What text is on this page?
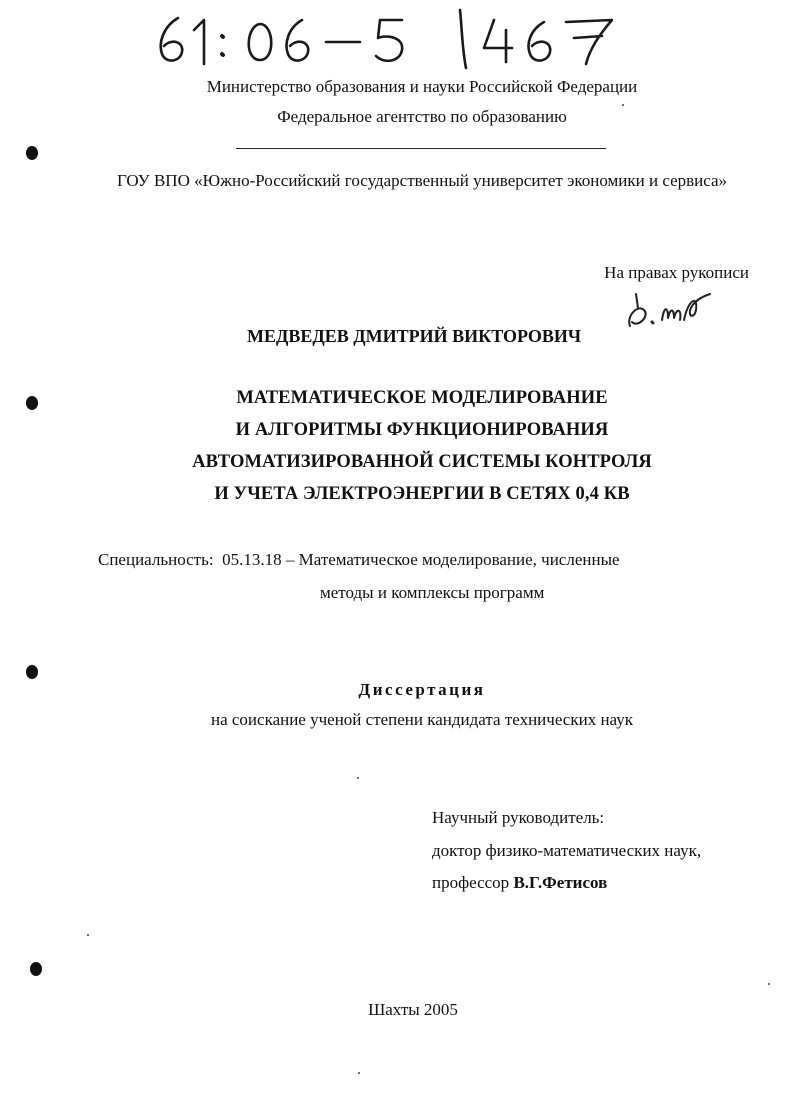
Министерство образования и науки Российской Федерации
Федеральное агентство по образованию
ГОУ ВПО «Южно-Российский государственный университет экономики и сервиса»
На правах рукописи
МЕДВЕДЕВ ДМИТРИЙ ВИКТОРОВИЧ
МАТЕМАТИЧЕСКОЕ МОДЕЛИРОВАНИЕ
И АЛГОРИТМЫ ФУНКЦИОНИРОВАНИЯ
АВТОМАТИЗИРОВАННОЙ СИСТЕМЫ КОНТРОЛЯ
И УЧЕТА ЭЛЕКТРОЭНЕРГИИ В СЕТЯХ 0,4 КВ
Специальность: 05.13.18 – Математическое моделирование, численные
методы и комплексы программ
Диссертация
на соискание ученой степени кандидата технических наук
Научный руководитель:
доктор физико-математических наук,
профессор В.Г.Фетисов
Шахты 2005
